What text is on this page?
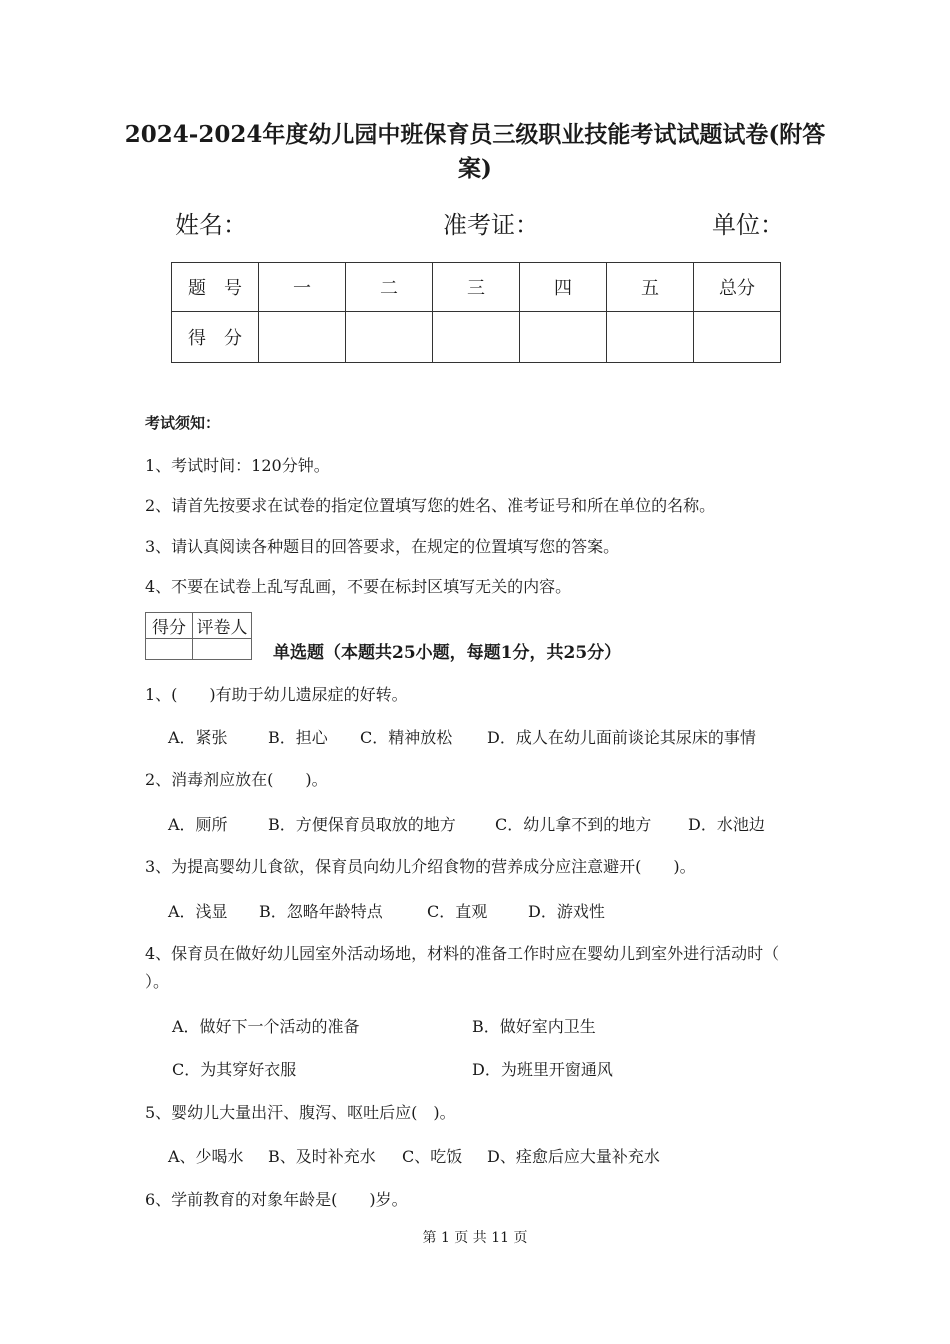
2024-2024年度幼儿园中班保育员三级职业技能考试试题试卷(附答
案)
姓名：	准考证：	单位：
题　号	一	二	三	四	五	总分
得　分						
考试须知：
1、考试时间：120分钟。
2、请首先按要求在试卷的指定位置填写您的姓名、准考证号和所在单位的名称。
3、请认真阅读各种题目的回答要求，在规定的位置填写您的答案。
4、不要在试卷上乱写乱画，不要在标封区填写无关的内容。
得分	评卷人

单选题（本题共25小题，每题1分，共25分）
1、(　　)有助于幼儿遗尿症的好转。
A．紧张	B．担心 C．精神放松 D．成人在幼儿面前谈论其尿床的事情
2、消毒剂应放在(　　)。
A．厕所	B．方便保育员取放的地方 C．幼儿拿不到的地方 D．水池边
3、为提高婴幼儿食欲，保育员向幼儿介绍食物的营养成分应注意避开(　　)。
A．浅显 B．忽略年龄特点	C．直观	D．游戏性
4、保育员在做好幼儿园室外活动场地，材料的准备工作时应在婴幼儿到室外进行活动时（
）。
A．做好下一个活动的准备	B．做好室内卫生
C．为其穿好衣服	D．为班里开窗通风
5、婴幼儿大量出汗、腹泻、呕吐后应(　)。
A、少喝水 B、及时补充水 C、吃饭 D、痊愈后应大量补充水
6、学前教育的对象年龄是(　　)岁。
第 1 页 共 11 页
